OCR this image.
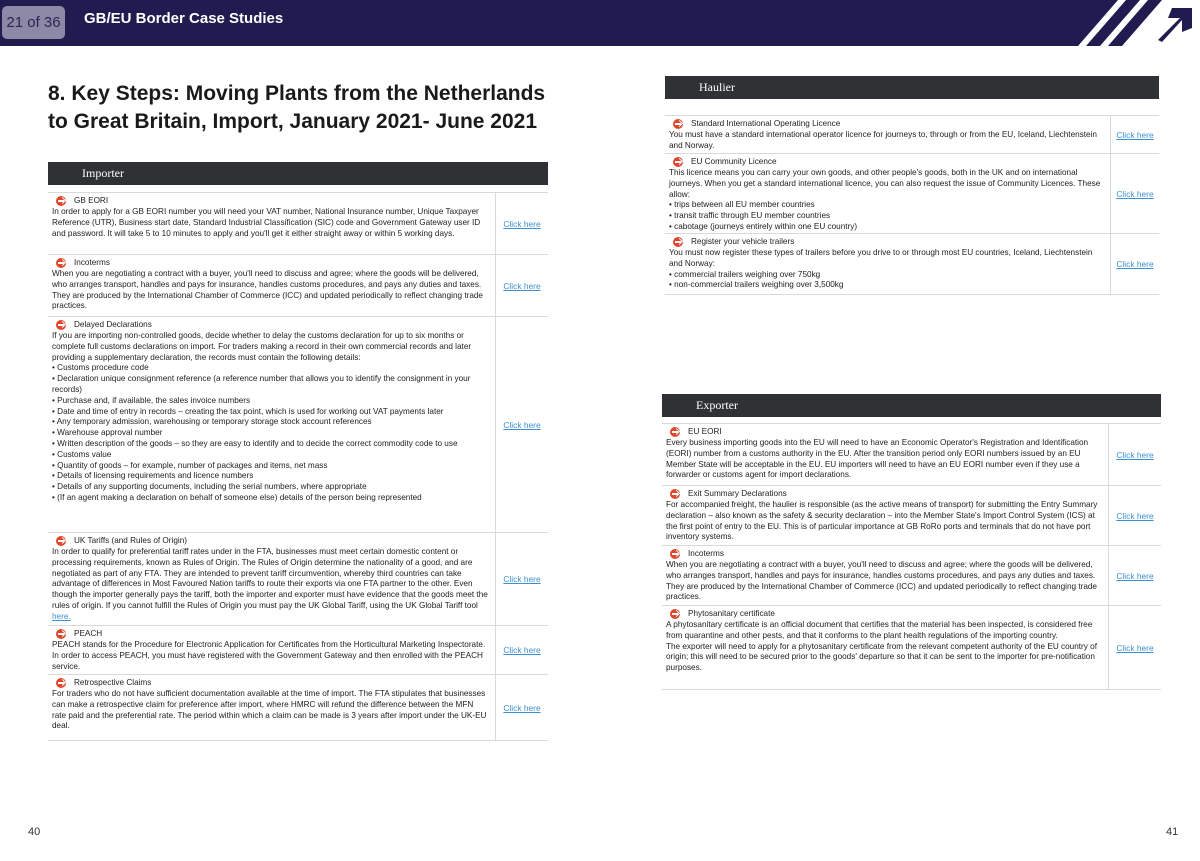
21 of 36 GB/EU Border Case Studies
8. Key Steps: Moving Plants from the Netherlands to Great Britain, Import, January 2021- June 2021
Importer
GB EORI

In order to apply for a GB EORI number you will need your VAT number, National Insurance number, Unique Taxpayer Reference (UTR), Business start date, Standard Industrial Classification (SIC) code and Government Gateway user ID and password. It will take 5 to 10 minutes to apply and you'll get it either straight away or within 5 working days.

Click here
Incoterms

When you are negotiating a contract with a buyer, you'll need to discuss and agree; where the goods will be delivered, who arranges transport, handles and pays for insurance, handles customs procedures, and pays any duties and taxes. They are produced by the International Chamber of Commerce (ICC) and updated periodically to reflect changing trade practices.

Click here
Delayed Declarations

If you are importing non-controlled goods, decide whether to delay the customs declaration for up to six months or complete full customs declarations on import. For traders making a record in their own commercial records and later providing a supplementary declaration, the records must contain the following details:

• Customs procedure code
• Declaration unique consignment reference (a reference number that allows you to identify the consignment in your records)
• Purchase and, if available, the sales invoice numbers
• Date and time of entry in records – creating the tax point, which is used for working out VAT payments later
• Any temporary admission, warehousing or temporary storage stock account references
• Warehouse approval number
• Written description of the goods – so they are easy to identify and to decide the correct commodity code to use
• Customs value
• Quantity of goods – for example, number of packages and items, net mass
• Details of licensing requirements and licence numbers
• Details of any supporting documents, including the serial numbers, where appropriate
• (If an agent making a declaration on behalf of someone else) details of the person being represented
Click here
UK Tariffs (and Rules of Origin)

In order to qualify for preferential tariff rates under in the FTA, businesses must meet certain domestic content or processing requirements, known as Rules of Origin. The Rules of Origin determine the nationality of a good, and are negotiated as part of any FTA. They are intended to prevent tariff circumvention, whereby third countries can take advantage of differences in Most Favoured Nation tariffs to route their exports via one FTA partner to the other. Even though the importer generally pays the tariff, both the importer and exporter must have evidence that the goods meet the rules of origin. If you cannot fulfill the Rules of Origin you must pay the UK Global Tariff, using the UK Global Tariff tool here.

Click here
PEACH

PEACH stands for the Procedure for Electronic Application for Certificates from the Horticultural Marketing Inspectorate. In order to access PEACH, you must have registered with the Government Gateway and then enrolled with the PEACH service.

Click here
Retrospective Claims

For traders who do not have sufficient documentation available at the time of import. The FTA stipulates that businesses can make a retrospective claim for preference after import, where HMRC will refund the difference between the MFN rate paid and the preferential rate. The period within which a claim can be made is 3 years after import under the UK-EU deal.

Click here
Haulier
Standard International Operating Licence

You must have a standard international operator licence for journeys to, through or from the EU, Iceland, Liechtenstein and Norway.

Click here
EU Community Licence

This licence means you can carry your own goods, and other people's goods, both in the UK and on international journeys. When you get a standard international licence, you can also request the issue of Community Licences. These allow:

• trips between all EU member countries
• transit traffic through EU member countries
• cabotage (journeys entirely within one EU country)
Click here
Register your vehicle trailers

You must now register these types of trailers before you drive to or through most EU countries, Iceland, Liechtenstein and Norway:

• commercial trailers weighing over 750kg
• non-commercial trailers weighing over 3,500kg
Click here
Exporter
EU EORI

Every business importing goods into the EU will need to have an Economic Operator's Registration and Identification (EORI) number from a customs authority in the EU. After the transition period only EORI numbers issued by an EU Member State will be acceptable in the EU. EU importers will need to have an EU EORI number even if they use a forwarder or customs agent for import declarations.

Click here
Exit Summary Declarations

For accompanied freight, the haulier is responsible (as the active means of transport) for submitting the Entry Summary declaration – also known as the safety & security declaration – into the Member State's Import Control System (ICS) at the first point of entry to the EU. This is of particular importance at GB RoRo ports and terminals that do not have port inventory systems.

Click here
Incoterms

When you are negotiating a contract with a buyer, you'll need to discuss and agree; where the goods will be delivered, who arranges transport, handles and pays for insurance, handles customs procedures, and pays any duties and taxes. They are produced by the International Chamber of Commerce (ICC) and updated periodically to reflect changing trade practices.

Click here
Phytosanitary certificate

A phytosanitary certificate is an official document that certifies that the material has been inspected, is considered free from quarantine and other pests, and that it conforms to the plant health regulations of the importing country.

The exporter will need to apply for a phytosanitary certificate from the relevant competent authority of the EU country of origin; this will need to be secured prior to the goods' departure so that it can be sent to the importer for pre-notification purposes.

Click here
40	41
